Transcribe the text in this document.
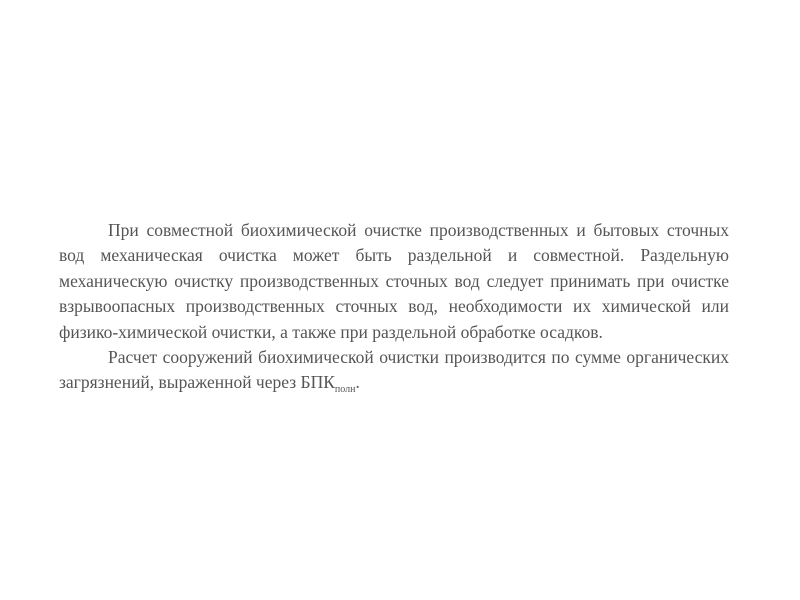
При совместной биохимической очистке производственных и бытовых сточных вод механическая очистка может быть раздельной и совместной. Раздельную механическую очистку производственных сточных вод следует принимать при очистке взрывоопасных производственных сточных вод, необходимости их химической или физико-химической очистки, а также при раздельной обработке осадков.

Расчет сооружений биохимической очистки производится по сумме органических загрязнений, выраженной через $БПК_{полн}$.
